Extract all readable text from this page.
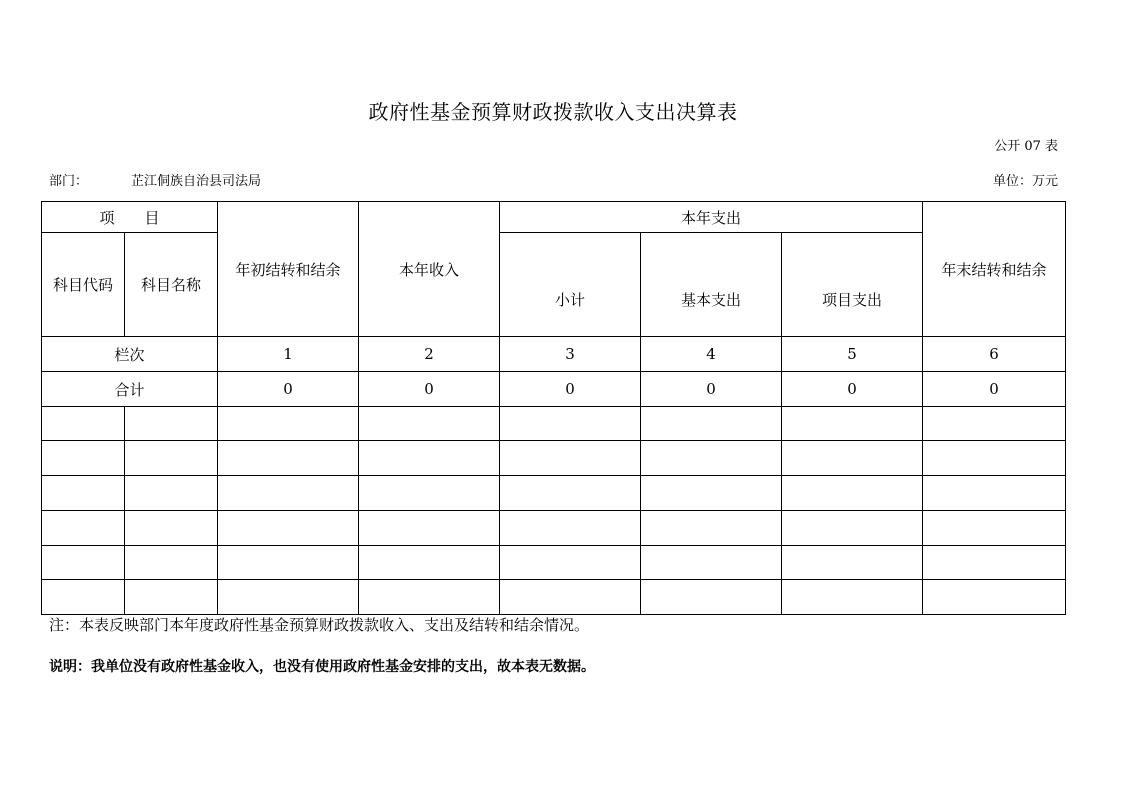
政府性基金预算财政拨款收入支出决算表
公开 07 表
部门：	芷江侗族自治县司法局	单位：万元
项　　目		年初结转和结余	本年收入	本年支出			年末结转和结余
科目代码	科目名称			小计	基本支出	项目支出	
栏次		1	2	3	4	5	6
合计		0	0	0	0	0	0

注：本表反映部门本年度政府性基金预算财政拨款收入、支出及结转和结余情况。
说明：我单位没有政府性基金收入，也没有使用政府性基金安排的支出，故本表无数据。
